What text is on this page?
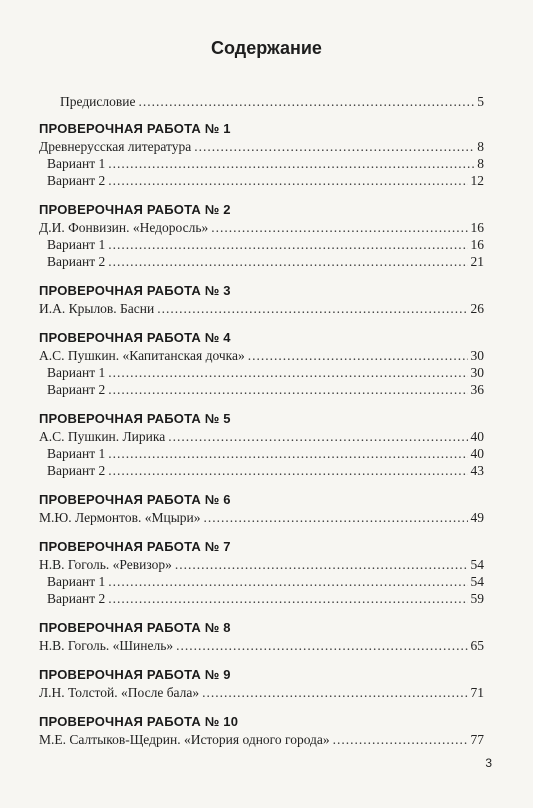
Содержание
Предисловие .....	5
ПРОВЕРОЧНАЯ РАБОТА № 1
Древнерусская литература .....	8
Вариант 1 .....	8
Вариант 2 .....	12
ПРОВЕРОЧНАЯ РАБОТА № 2
Д.И. Фонвизин. «Недоросль» .....	16
Вариант 1 .....	16
Вариант 2 .....	21
ПРОВЕРОЧНАЯ РАБОТА № 3
И.А. Крылов. Басни .....	26
ПРОВЕРОЧНАЯ РАБОТА № 4
А.С. Пушкин. «Капитанская дочка» .....	30
Вариант 1 .....	30
Вариант 2 .....	36
ПРОВЕРОЧНАЯ РАБОТА № 5
А.С. Пушкин. Лирика .....	40
Вариант 1 .....	40
Вариант 2 .....	43
ПРОВЕРОЧНАЯ РАБОТА № 6
М.Ю. Лермонтов. «Мцыри» .....	49
ПРОВЕРОЧНАЯ РАБОТА № 7
Н.В. Гоголь. «Ревизор» .....	54
Вариант 1 .....	54
Вариант 2 .....	59
ПРОВЕРОЧНАЯ РАБОТА № 8
Н.В. Гоголь. «Шинель» .....	65
ПРОВЕРОЧНАЯ РАБОТА № 9
Л.Н. Толстой. «После бала» .....	71
ПРОВЕРОЧНАЯ РАБОТА № 10
М.Е. Салтыков-Щедрин. «История одного города» .....	77
3
